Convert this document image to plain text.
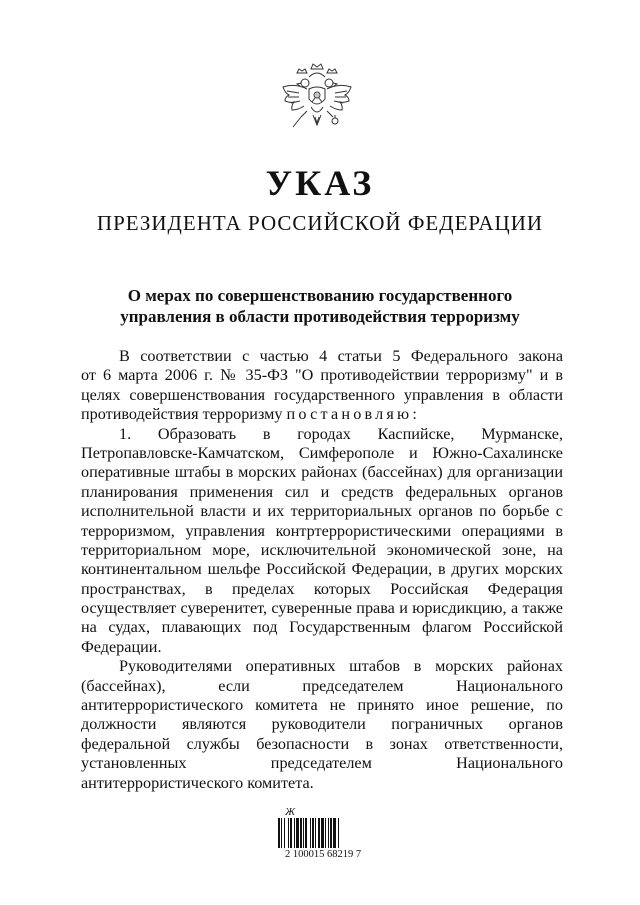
УКАЗ
ПРЕЗИДЕНТА РОССИЙСКОЙ ФЕДЕРАЦИИ
О мерах по совершенствованию государственного
управления в области противодействия терроризму
В соответствии с частью 4 статьи 5 Федерального закона
от 6 марта 2006 г. № 35-ФЗ "О противодействии терроризму" и в
целях совершенствования государственного управления в области
противодействия терроризму постановляю:
1. Образовать в городах Каспийске, Мурманске,
Петропавловске-Камчатском, Симферополе и Южно-Сахалинске
оперативные штабы в морских районах (бассейнах) для организации
планирования применения сил и средств федеральных органов
исполнительной власти и их территориальных органов по борьбе с
терроризмом, управления контртеррористическими операциями в
территориальном море, исключительной экономической зоне, на
континентальном шельфе Российской Федерации, в других морских
пространствах, в пределах которых Российская Федерация
осуществляет суверенитет, суверенные права и юрисдикцию, а также
на судах, плавающих под Государственным флагом Российской
Федерации.
Руководителями оперативных штабов в морских районах
(бассейнах), если председателем Национального
антитеррористического комитета не принято иное решение, по
должности являются руководители пограничных органов
федеральной службы безопасности в зонах ответственности,
установленных председателем Национального
антитеррористического комитета.
Ж
2 100015 68219 7
